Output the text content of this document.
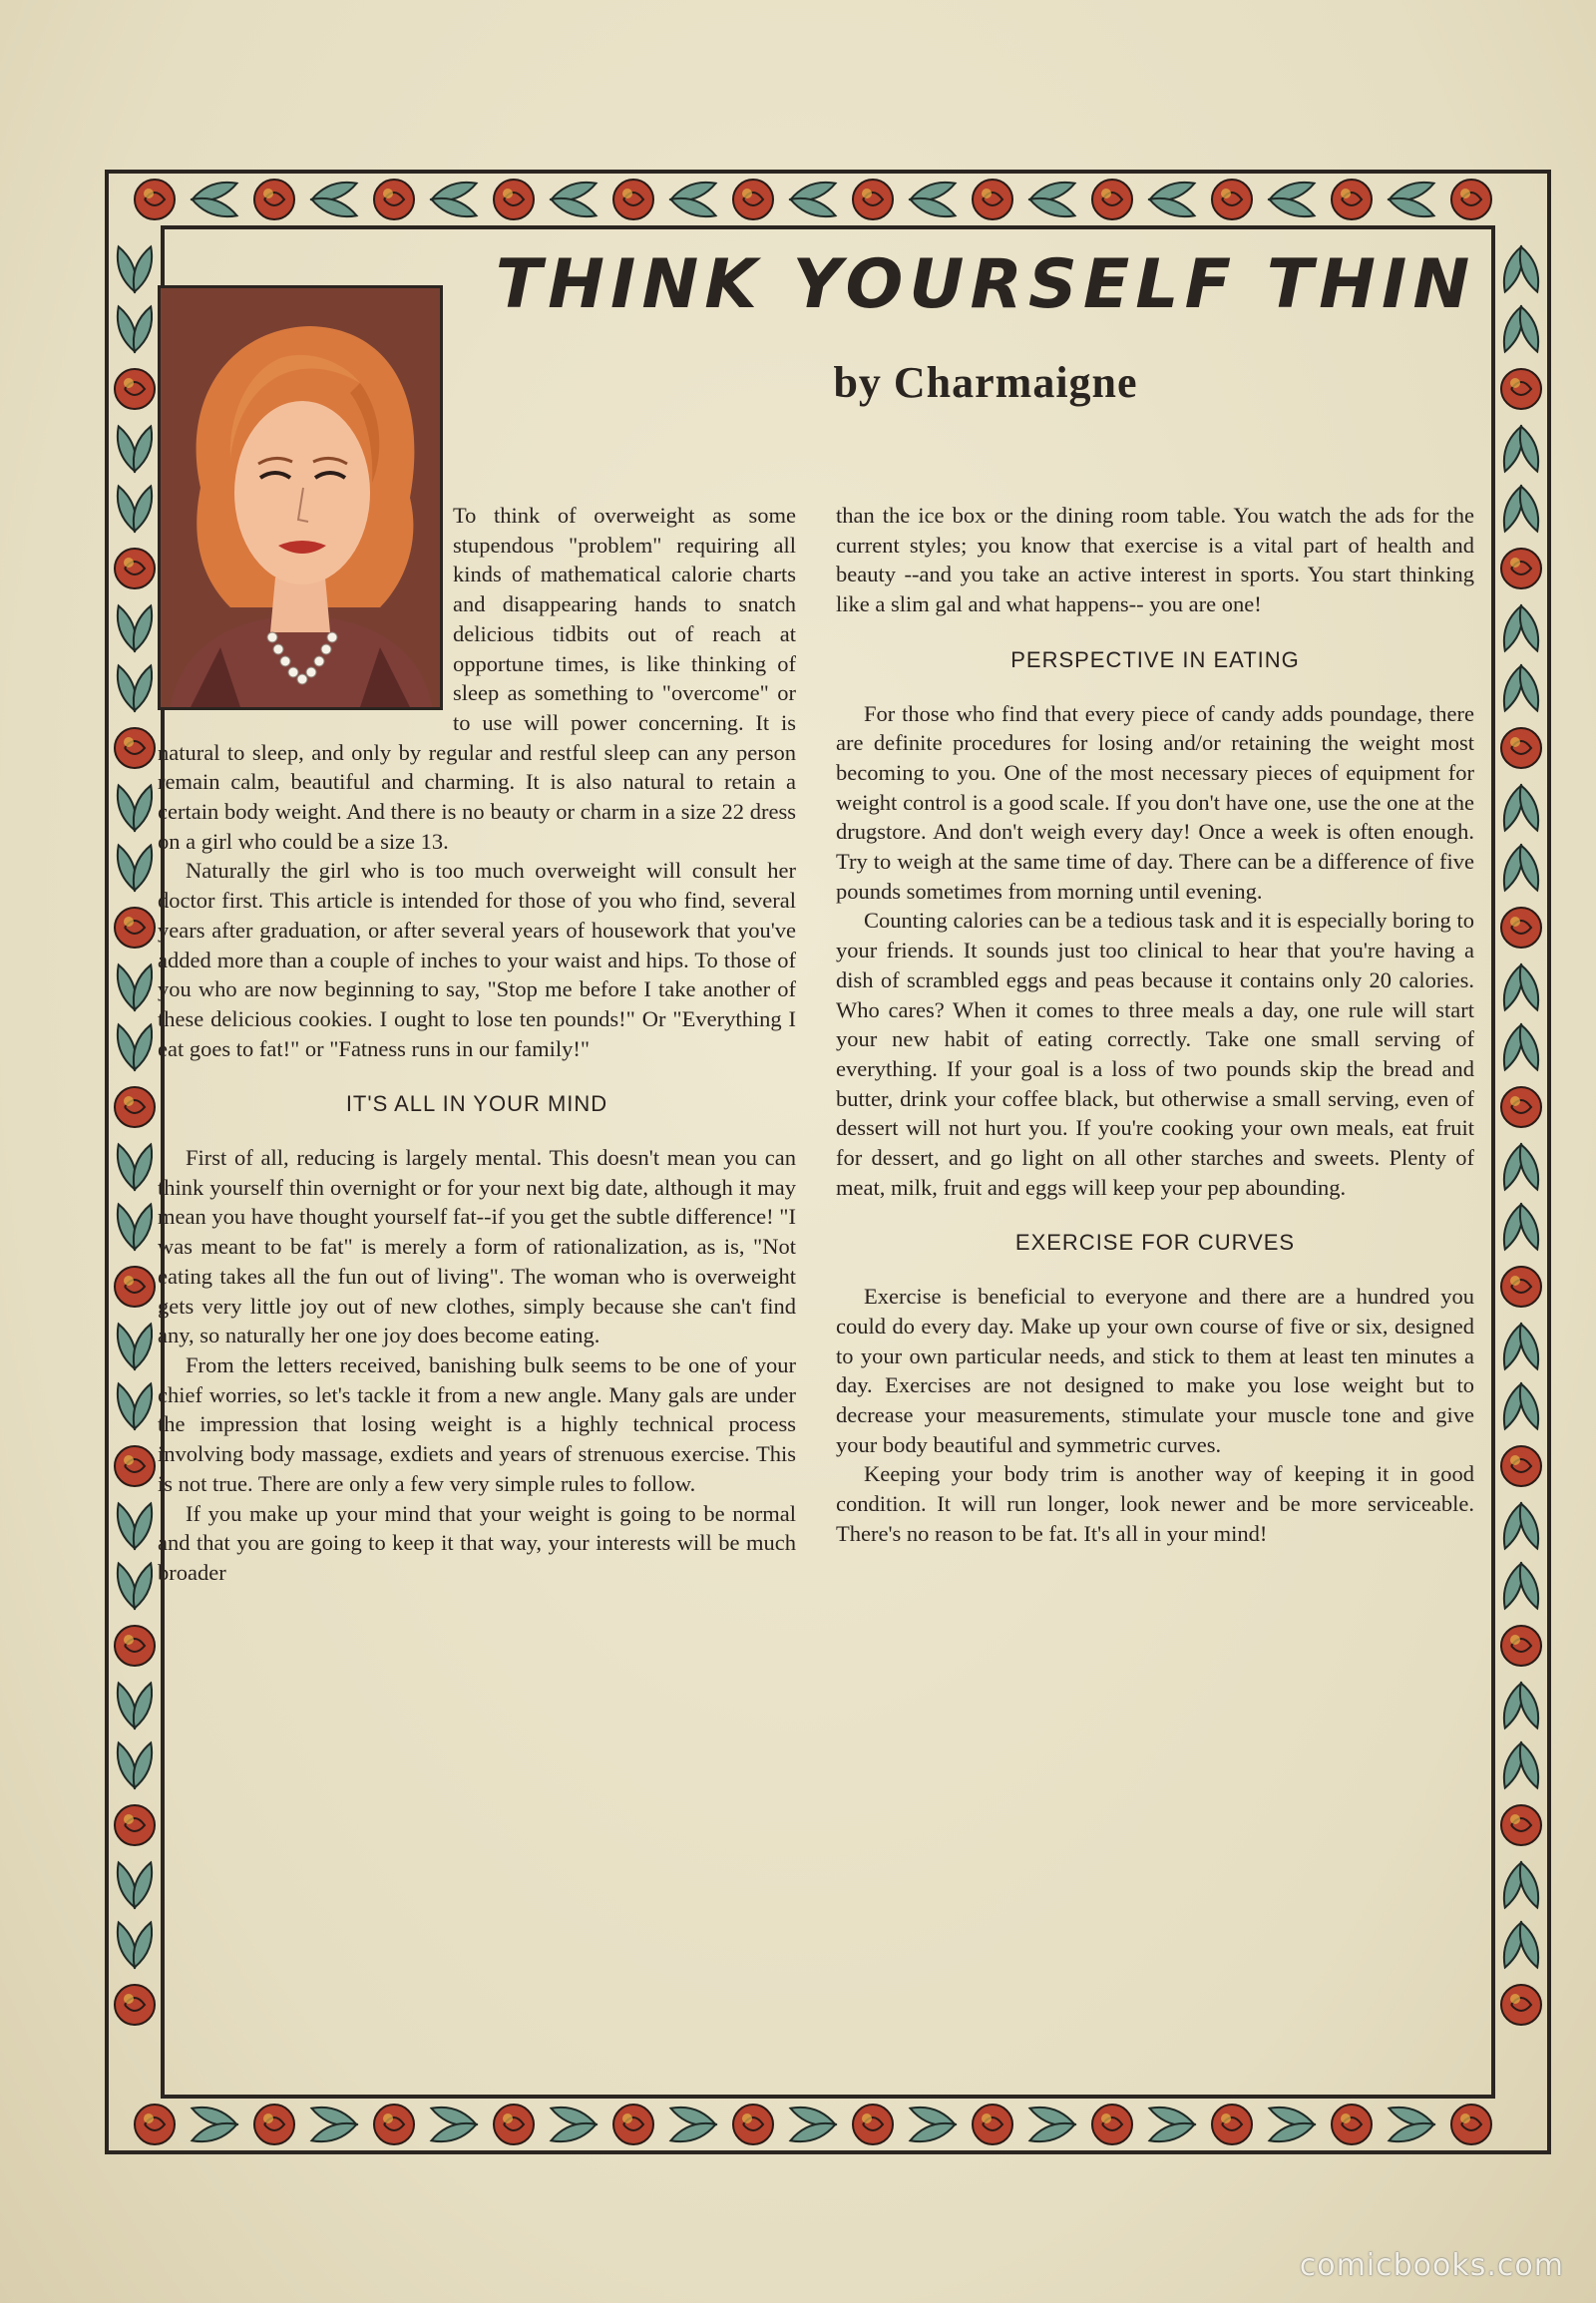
THINK YOURSELF THIN
by Charmaigne

To think of overweight as some stupendous "problem" requiring all kinds of mathematical calorie charts and disappearing hands to snatch delicious tidbits out of reach at opportune times, is like thinking of sleep as something to "overcome" or to use will power concerning. It is natural to sleep, and only by regular and restful sleep can any person remain calm, beautiful and charming. It is also natural to retain a certain body weight. And there is no beauty or charm in a size 22 dress on a girl who could be a size 13.

Naturally the girl who is too much overweight will consult her doctor first. This article is intended for those of you who find, several years after graduation, or after several years of housework that you've added more than a couple of inches to your waist and hips. To those of you who are now beginning to say, "Stop me before I take another of these delicious cookies. I ought to lose ten pounds!" Or "Everything I eat goes to fat!" or "Fatness runs in our family!"

IT'S ALL IN YOUR MIND

First of all, reducing is largely mental. This doesn't mean you can think yourself thin overnight or for your next big date, although it may mean you have thought yourself fat--if you get the subtle difference! "I was meant to be fat" is merely a form of rationalization, as is, "Not eating takes all the fun out of living". The woman who is overweight gets very little joy out of new clothes, simply because she can't find any, so naturally her one joy does become eating.

From the letters received, banishing bulk seems to be one of your chief worries, so let's tackle it from a new angle. Many gals are under the impression that losing weight is a highly technical process involving body massage, exdiets and years of strenuous exercise. This is not true. There are only a few very simple rules to follow.

If you make up your mind that your weight is going to be normal and that you are going to keep it that way, your interests will be much broader

than the ice box or the dining room table. You watch the ads for the current styles; you know that exercise is a vital part of health and beauty --and you take an active interest in sports. You start thinking like a slim gal and what happens-- you are one!

PERSPECTIVE IN EATING

For those who find that every piece of candy adds poundage, there are definite procedures for losing and/or retaining the weight most becoming to you. One of the most necessary pieces of equipment for weight control is a good scale. If you don't have one, use the one at the drugstore. And don't weigh every day! Once a week is often enough. Try to weigh at the same time of day. There can be a difference of five pounds sometimes from morning until evening.

Counting calories can be a tedious task and it is especially boring to your friends. It sounds just too clinical to hear that you're having a dish of scrambled eggs and peas because it contains only 20 calories. Who cares? When it comes to three meals a day, one rule will start your new habit of eating correctly. Take one small serving of everything. If your goal is a loss of two pounds skip the bread and butter, drink your coffee black, but otherwise a small serving, even of dessert will not hurt you. If you're cooking your own meals, eat fruit for dessert, and go light on all other starches and sweets. Plenty of meat, milk, fruit and eggs will keep your pep abounding.

EXERCISE FOR CURVES

Exercise is beneficial to everyone and there are a hundred you could do every day. Make up your own course of five or six, designed to your own particular needs, and stick to them at least ten minutes a day. Exercises are not designed to make you lose weight but to decrease your measurements, stimulate your muscle tone and give your body beautiful and symmetric curves.

Keeping your body trim is another way of keeping it in good condition. It will run longer, look newer and be more serviceable. There's no reason to be fat. It's all in your mind!

comicbooks.com
